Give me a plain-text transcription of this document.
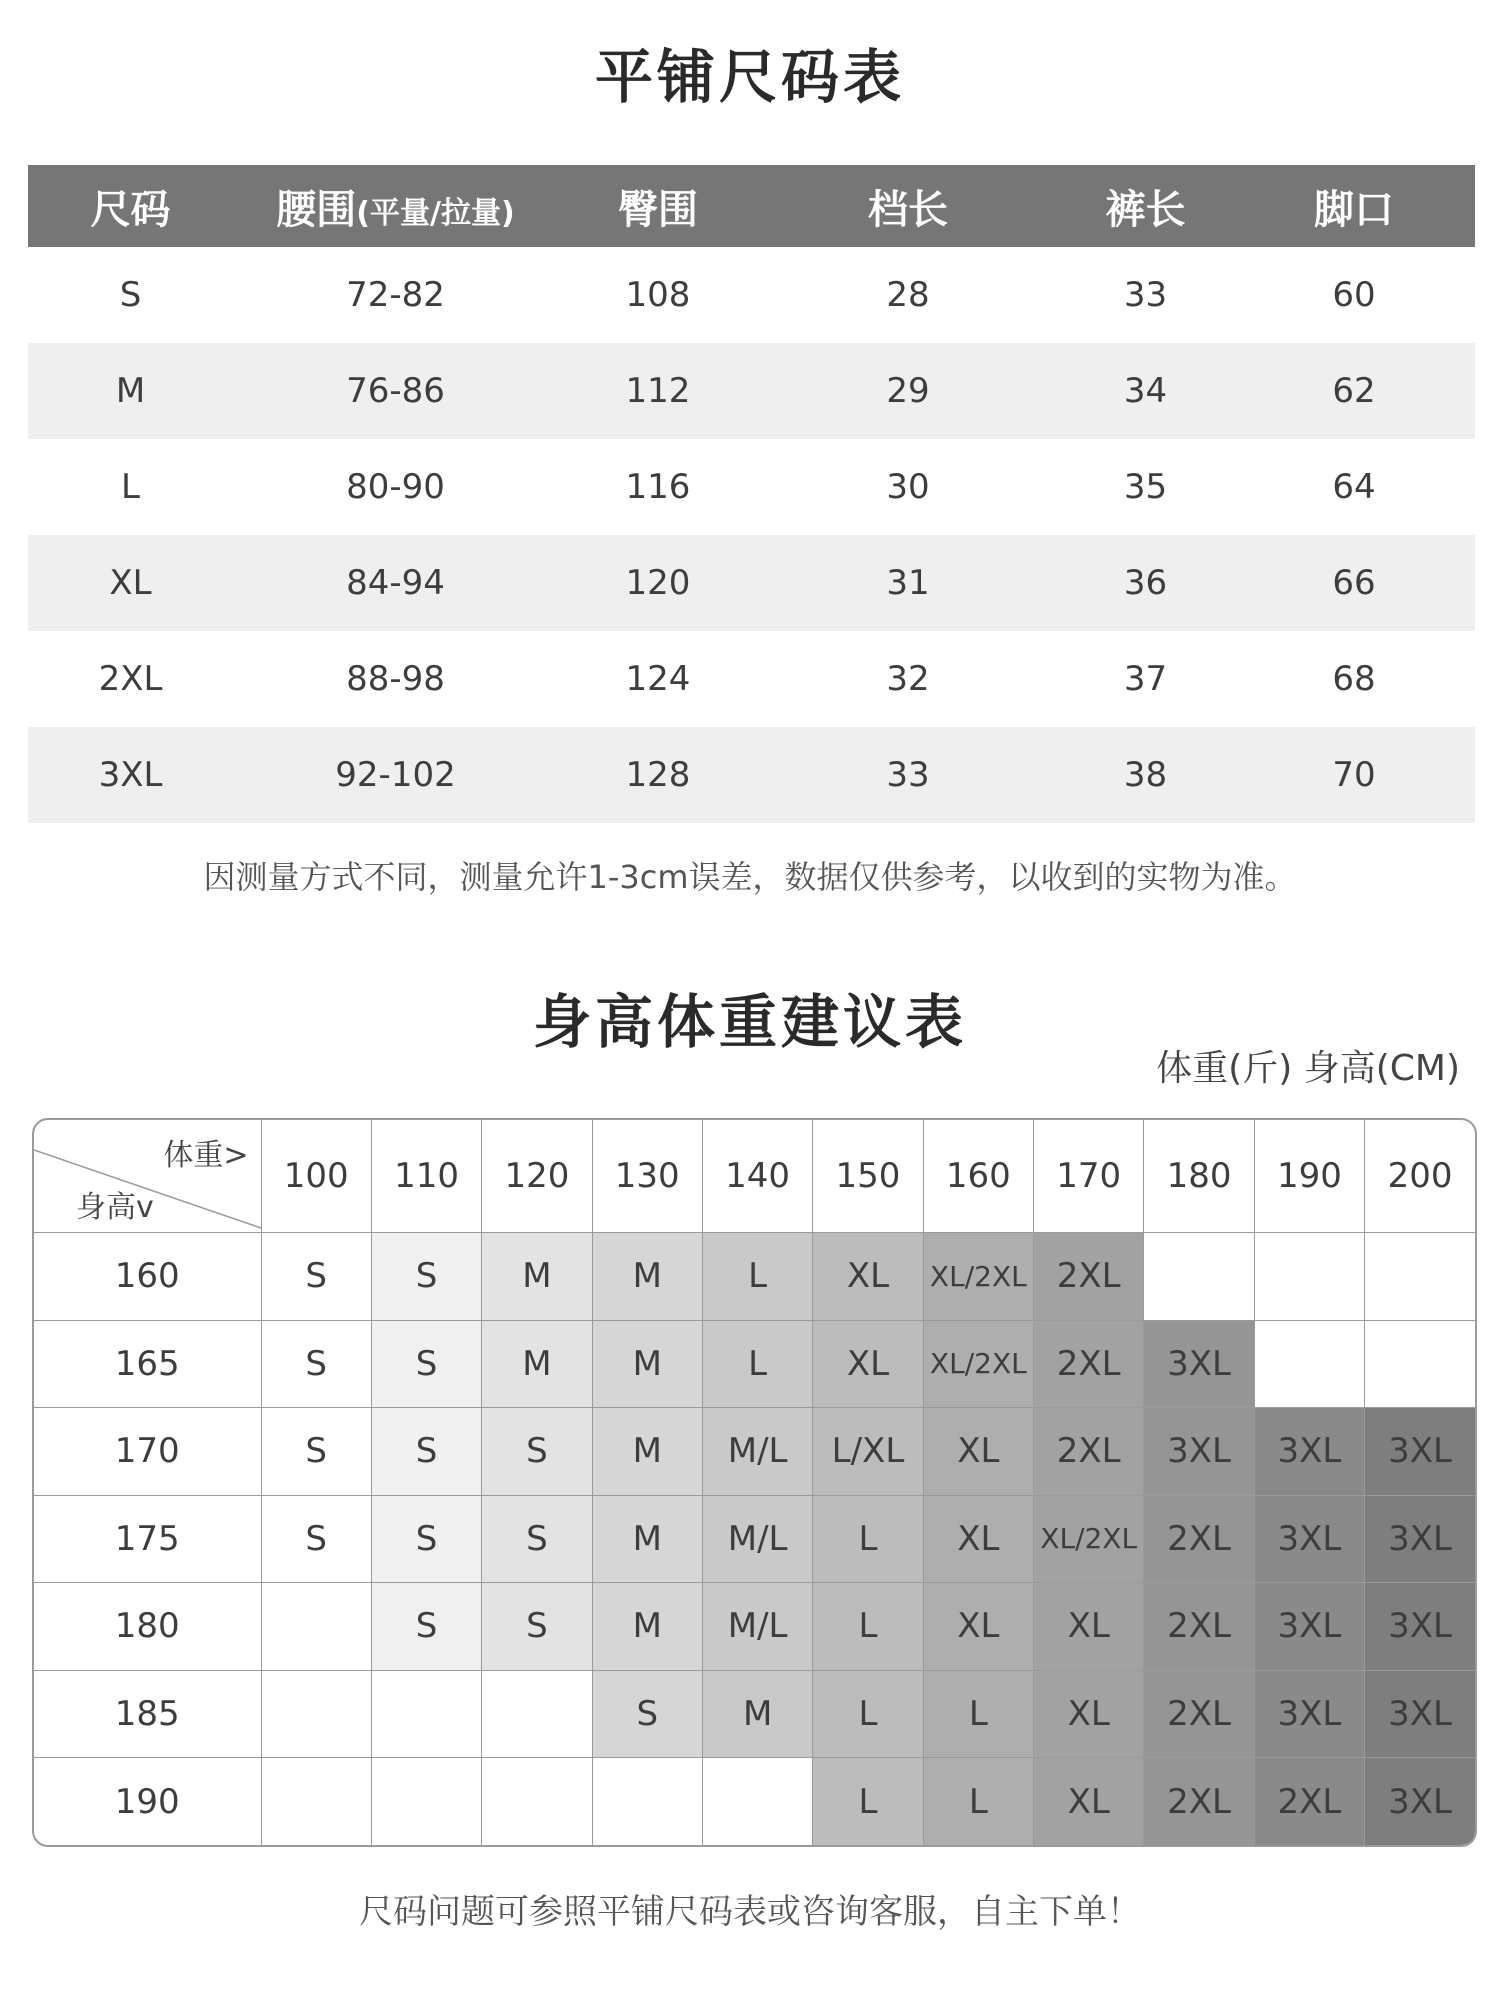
平铺尺码表
尺码	腰围(平量/拉量)	臀围	档长	裤长	脚口
S	72-82	108	28	33	60
M	76-86	112	29	34	62
L	80-90	116	30	35	64
XL	84-94	120	31	36	66
2XL	88-98	124	32	37	68
3XL	92-102	128	33	38	70
因测量方式不同，测量允许1-3cm误差，数据仅供参考，以收到的实物为准。
身高体重建议表
体重(斤) 身高(CM)
体重>
身高v	100	110	120	130	140	150	160	170	180	190	200
160	S	S	M	M	L	XL	XL/2XL	2XL			
165	S	S	M	M	L	XL	XL/2XL	2XL	3XL		
170	S	S	S	M	M/L	L/XL	XL	2XL	3XL	3XL	3XL
175	S	S	S	M	M/L	L	XL	XL/2XL	2XL	3XL	3XL
180		S	S	M	M/L	L	XL	XL	2XL	3XL	3XL
185				S	M	L	L	XL	2XL	3XL	3XL
190						L	L	XL	2XL	2XL	3XL
尺码问题可参照平铺尺码表或咨询客服，自主下单！
